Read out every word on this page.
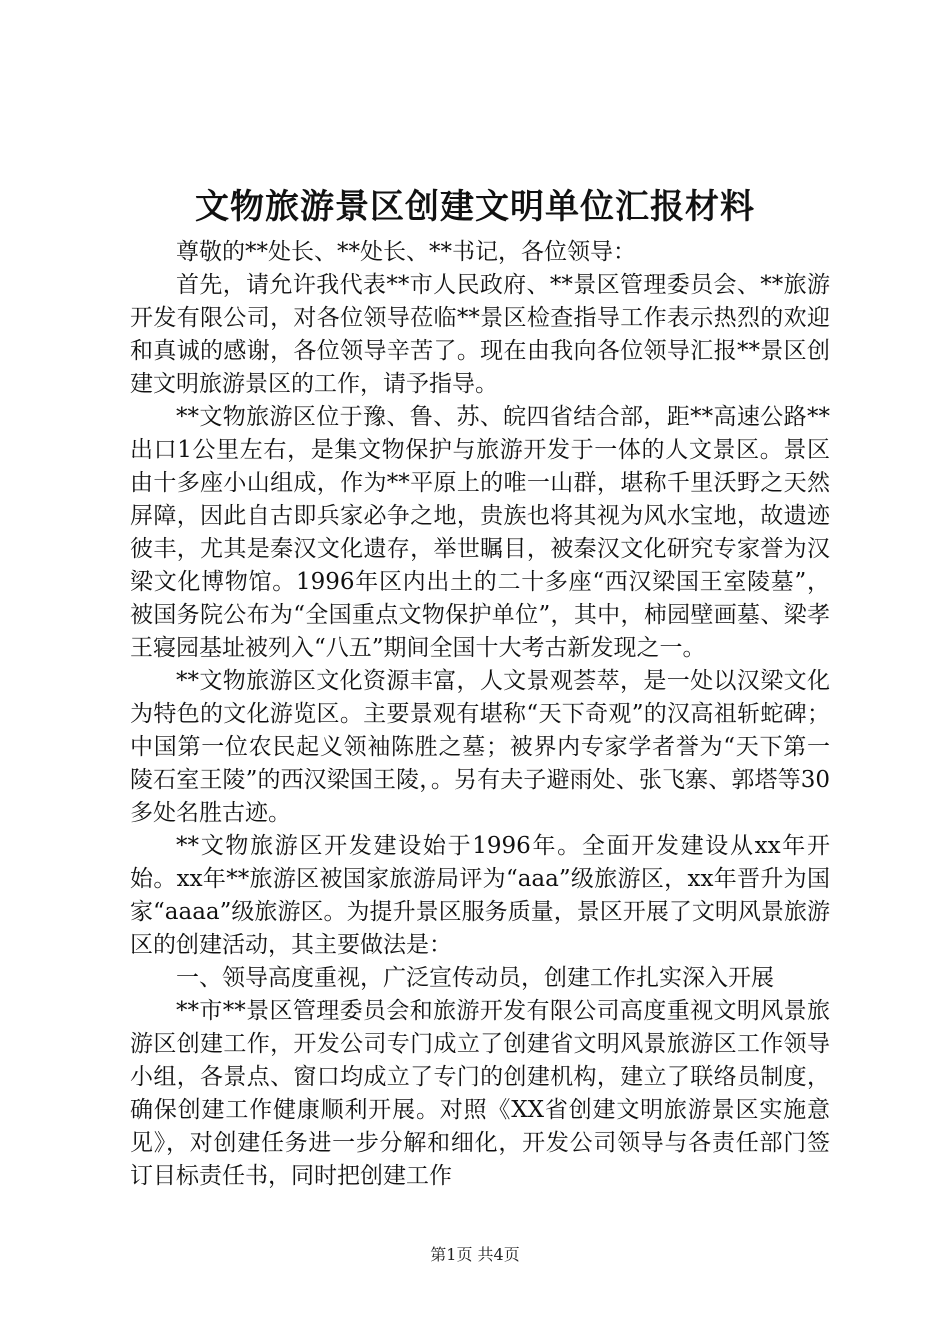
文物旅游景区创建文明单位汇报材料

尊敬的**处长、**处长、**书记，各位领导：

首先，请允许我代表**市人民政府、**景区管理委员会、**旅游开发有限公司，对各位领导莅临**景区检查指导工作表示热烈的欢迎和真诚的感谢，各位领导辛苦了。现在由我向各位领导汇报**景区创建文明旅游景区的工作，请予指导。

**文物旅游区位于豫、鲁、苏、皖四省结合部，距**高速公路**出口1公里左右，是集文物保护与旅游开发于一体的人文景区。景区由十多座小山组成，作为**平原上的唯一山群，堪称千里沃野之天然屏障，因此自古即兵家必争之地，贵族也将其视为风水宝地，故遗迹彼丰，尤其是秦汉文化遗存，举世瞩目，被秦汉文化研究专家誉为汉梁文化博物馆。1996年区内出土的二十多座“西汉梁国王室陵墓”，被国务院公布为“全国重点文物保护单位”，其中，柿园壁画墓、梁孝王寝园基址被列入“八五”期间全国十大考古新发现之一。

**文物旅游区文化资源丰富，人文景观荟萃，是一处以汉梁文化为特色的文化游览区。主要景观有堪称“天下奇观”的汉高祖斩蛇碑；中国第一位农民起义领袖陈胜之墓；被界内专家学者誉为“天下第一陵石室王陵”的西汉梁国王陵，。另有夫子避雨处、张飞寨、郭塔等30多处名胜古迹。

**文物旅游区开发建设始于1996年。全面开发建设从xx年开始。xx年**旅游区被国家旅游局评为“aaa”级旅游区，xx年晋升为国家“aaaa”级旅游区。为提升景区服务质量，景区开展了文明风景旅游区的创建活动，其主要做法是：

一、领导高度重视，广泛宣传动员，创建工作扎实深入开展

**市**景区管理委员会和旅游开发有限公司高度重视文明风景旅游区创建工作，开发公司专门成立了创建省文明风景旅游区工作领导小组，各景点、窗口均成立了专门的创建机构，建立了联络员制度，确保创建工作健康顺利开展。对照《XX省创建文明旅游景区实施意见》，对创建任务进一步分解和细化，开发公司领导与各责任部门签订目标责任书，同时把创建工作

第1页 共4页
